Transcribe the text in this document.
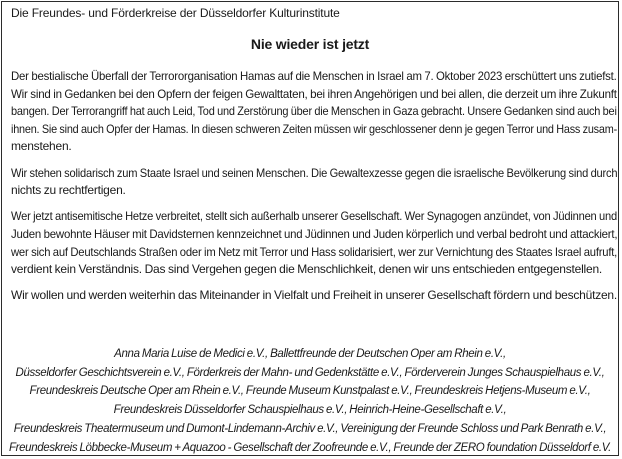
Die Freundes- und Förderkreise der Düsseldorfer Kulturinstitute
Nie wieder ist jetzt

Der bestialische Überfall der Terrororganisation Hamas auf die Menschen in Israel am 7. Oktober 2023 erschüttert uns zutiefst.
Wir sind in Gedanken bei den Opfern der feigen Gewalttaten, bei ihren Angehörigen und bei allen, die derzeit um ihre Zukunft
bangen. Der Terrorangriff hat auch Leid, Tod und Zerstörung über die Menschen in Gaza gebracht. Unsere Gedanken sind auch bei
ihnen. Sie sind auch Opfer der Hamas. In diesen schweren Zeiten müssen wir geschlossener denn je gegen Terror und Hass zusam-
menstehen.

Wir stehen solidarisch zum Staate Israel und seinen Menschen. Die Gewaltexzesse gegen die israelische Bevölkerung sind durch
nichts zu rechtfertigen.

Wer jetzt antisemitische Hetze verbreitet, stellt sich außerhalb unserer Gesellschaft. Wer Synagogen anzündet, von Jüdinnen und
Juden bewohnte Häuser mit Davidsternen kennzeichnet und Jüdinnen und Juden körperlich und verbal bedroht und attackiert,
wer sich auf Deutschlands Straßen oder im Netz mit Terror und Hass solidarisiert, wer zur Vernichtung des Staates Israel aufruft,
verdient kein Verständnis. Das sind Vergehen gegen die Menschlichkeit, denen wir uns entschieden entgegenstellen.

Wir wollen und werden weiterhin das Miteinander in Vielfalt und Freiheit in unserer Gesellschaft fördern und beschützen.

Anna Maria Luise de Medici e.V., Ballettfreunde der Deutschen Oper am Rhein e.V.,
Düsseldorfer Geschichtsverein e.V., Förderkreis der Mahn- und Gedenkstätte e.V., Förderverein Junges Schauspielhaus e.V.,
Freundeskreis Deutsche Oper am Rhein e.V., Freunde Museum Kunstpalast e.V., Freundeskreis Hetjens-Museum e.V.,
Freundeskreis Düsseldorfer Schauspielhaus e.V., Heinrich-Heine-Gesellschaft e.V.,
Freundeskreis Theatermuseum und Dumont-Lindemann-Archiv e.V., Vereinigung der Freunde Schloss und Park Benrath e.V.,
Freundeskreis Löbbecke-Museum + Aquazoo - Gesellschaft der Zoofreunde e.V., Freunde der ZERO foundation Düsseldorf e.V.
